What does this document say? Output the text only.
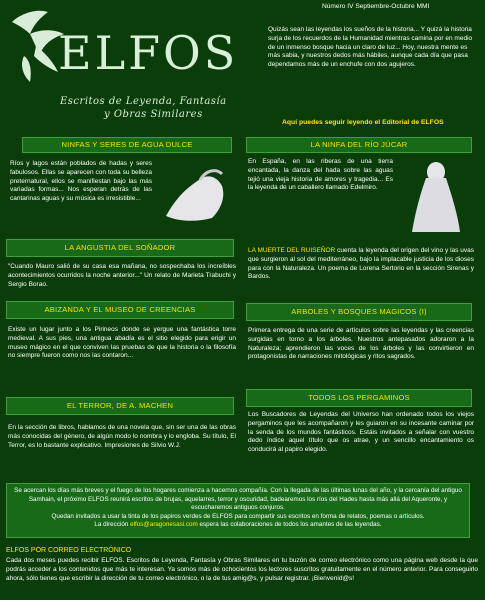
Número IV Septiembre-Octubre MMI
ELFOS
Escritos de Leyenda, Fantasía
y Obras Similares
Quizás sean las leyendas los sueños de la historia... Y quizá la historia surja de los recuerdos de la Humanidad mientras camina por en medio de un inmenso bosque hacia un claro de luz... Hoy, nuestra mente es más sabia, y nuestros dedos más hábiles, aunque cada día que pasa dependamos más de un enchufe con dos agujeros.
Aquí puedes seguir leyendo el Editorial de ELFOS
NINFAS Y SERES DE AGUA DULCE
Ríos y lagos están poblados de hadas y seres fabulosos. Ellas se aparecen con toda su belleza preternatural, ellos se manifiestan bajo las más variadas formas... Nos esperan detrás de las cantarinas aguas y su música es irresistible...
LA NINFA DEL RÍO JÚCAR
En España, en las riberas de una tierra encantada, la danza del hada sobre las aguas tejió una vieja historia de amores y tragedia... Es la leyenda de un caballero llamado Edelmiro.
LA ANGUSTIA DEL SOÑADOR
"Cuando Mauro salió de su casa esa mañana, no sospechaba los increíbles acontecimientos ocurridos la noche anterior..." Un relato de Marieta Trabuchi y Sergio Borao.
LA MUERTE DEL RUISEÑOR cuenta la leyenda del origen del vino y las uvas que surgieron al sol del mediterráneo, bajo la implacable justicia de los dioses para con la Naturaleza. Un poema de Lorena Sertorio en la sección Sirenas y Bardos.
ABIZANDA Y EL MUSEO DE CREENCIAS
Existe un lugar junto a los Pirineos donde se yergue una fantástica torre medieval. A sus pies, una antigua abadía es el sitio elegido para erigir un museo mágico en el que conviven las pruebas de que la historia o la filosofía no siempre fueron como nos las contaron...
ARBOLES Y BOSQUES MAGICOS (I)
Primera entrega de una serie de artículos sobre las leyendas y las creencias surgidas en torno a los árboles. Nuestros antepasados adoraron a la Naturaleza; aprendieron las voces de los árboles y las convirtieron en protagonistas de narraciones mitológicas y ritos sagrados.
EL TERROR, DE A. MACHEN
En la sección de libros, hablamos de una novela que, sin ser una de las obras más conocidas del género, de algún modo lo nombra y lo engloba. Su título, El Terror, es lo bastante explicativo. Impresiones de Silvio W.J.
TODOS LOS PERGAMINOS
Los Buscadores de Leyendas del Universo han ordenado todos los viejos pergaminos que les acompañaron y les guiaron en su incesante caminar por la senda de los mundos fantásticos. Estáis invitados a señalar con vuestro dedo índice aquel título que os atrae, y un sencillo encantamiento os conducirá al papiro elegido.
Se acercan los días más breves y el fuego de los hogares comienza a hacernos compañía. Con la llegada de las últimas lunas del año, y la cercanía del antiguo Samhain, el próximo ELFOS reunirá escritos de brujas, aquelarres, terror y oscuridad, badearemos los ríos del Hades hasta más allá del Aqueronte, y escucharemos antiguos conjuros.
Quedan invitados a usar la tinta de los papiros verdes de ELFOS para compartir sus escritos en forma de relatos, poemas o artículos.
La dirección elfos@aragonesasi.com espera las colaboraciones de todos los amantes de las leyendas.
ELFOS POR CORREO ELECTRÓNICO
Cada dos meses puedes recibir ELFOS. Escritos de Leyenda, Fantasía y Obras Similares en tu buzón de correo electrónico como una página web desde la que podrás acceder a los contenidos que más te interesan. Ya somos más de ochocientos los lectores suscritos gratuitamente en el número anterior. Para conseguirlo ahora, sólo tienes que escribir la dirección de tu correo electrónico, o la de tus amig@s, y pulsar registrar. ¡Bienvenid@s!
